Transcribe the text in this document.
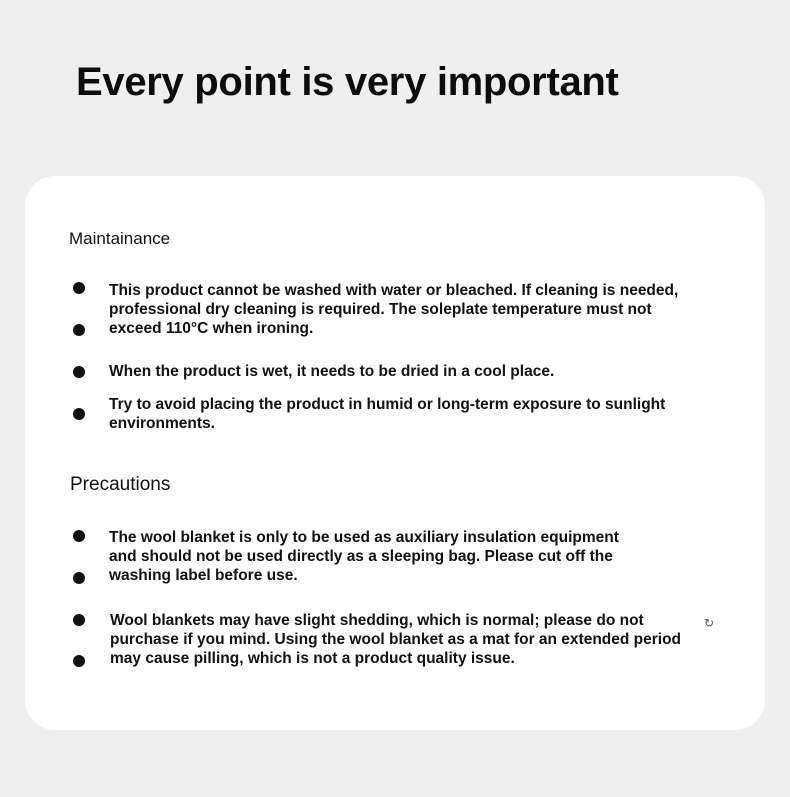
Every point is very important
Maintainance

This product cannot be washed with water or bleached. If cleaning is needed,
professional dry cleaning is required. The soleplate temperature must not
exceed 110°C when ironing.

When the product is wet, it needs to be dried in a cool place.

Try to avoid placing the product in humid or long-term exposure to sunlight
environments.

Precautions

The wool blanket is only to be used as auxiliary insulation equipment
and should not be used directly as a sleeping bag. Please cut off the
washing label before use.

Wool blankets may have slight shedding, which is normal; please do not
purchase if you mind. Using the wool blanket as a mat for an extended period
may cause pilling, which is not a product quality issue.

↻
